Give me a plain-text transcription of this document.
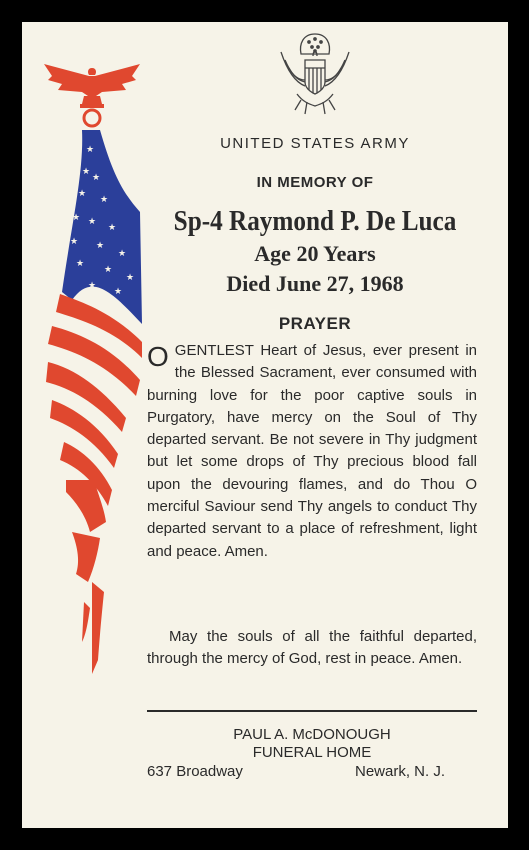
★
★
★
★
★
★ ★
★
★ ★
★
★
★
★
★
★
UNITED STATES ARMY
IN MEMORY OF
Sp-4 Raymond P. De Luca
Age 20 Years
Died June 27, 1968
PRAYER
OGENTLEST Heart of Jesus, ever present in the Blessed Sacrament, ever consumed with burning love for the poor captive souls in Purgatory, have mercy on the Soul of Thy departed servant. Be not severe in Thy judgment but let some drops of Thy precious blood fall upon the devouring flames, and do Thou O merciful Saviour send Thy angels to conduct Thy departed servant to a place of refreshment, light and peace. Amen.
May the souls of all the faithful departed, through the mercy of God, rest in peace. Amen.
PAUL A. McDONOUGH
FUNERAL HOME
637 Broadway	Newark, N. J.
